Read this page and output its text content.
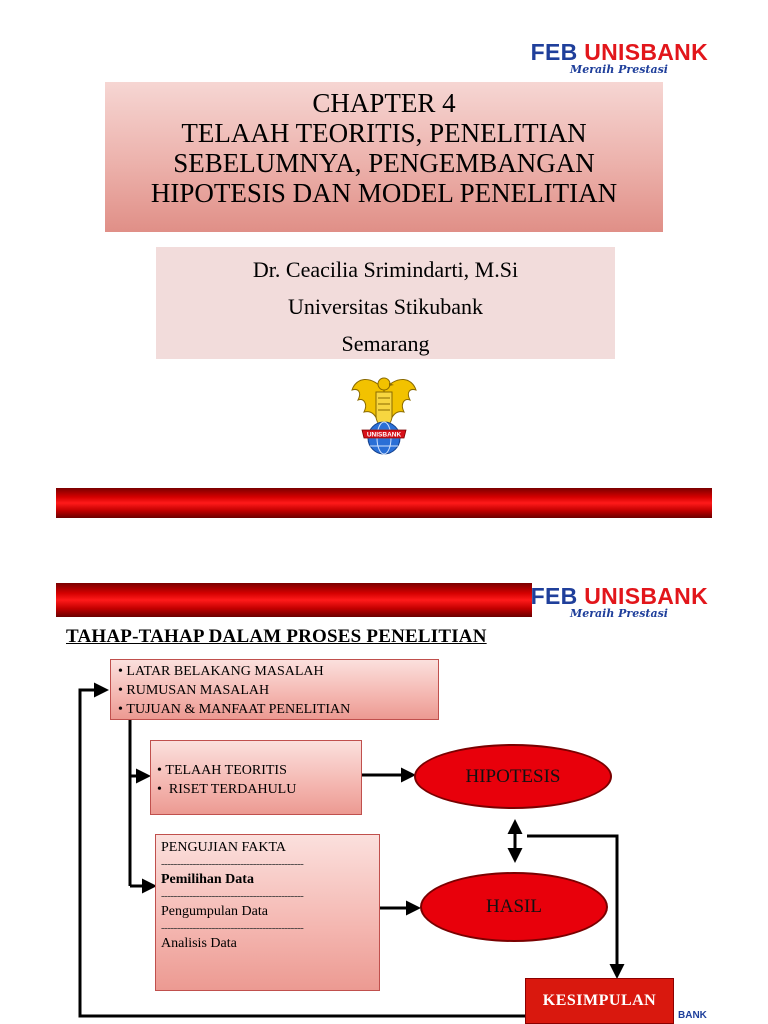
FEB UNISBANK
Meraih Prestasi
CHAPTER 4
TELAAH TEORITIS, PENELITIAN
SEBELUMNYA, PENGEMBANGAN
HIPOTESIS DAN MODEL PENELITIAN
Dr. Ceacilia Srimindarti, M.Si
Universitas Stikubank
Semarang
UNISBANK
FEB UNISBANK
Meraih Prestasi
TAHAP-TAHAP DALAM PROSES PENELITIAN
• LATAR BELAKANG MASALAH
• RUMUSAN MASALAH
• TUJUAN & MANFAAT PENELITIAN
• TELAAH TEORITIS
•  RISET TERDAHULU
HIPOTESIS
PENGUJIAN FAKTA
---------------------------------------------
Pemilihan Data
---------------------------------------------
Pengumpulan Data
---------------------------------------------
Analisis Data
HASIL
KESIMPULAN
BANK
